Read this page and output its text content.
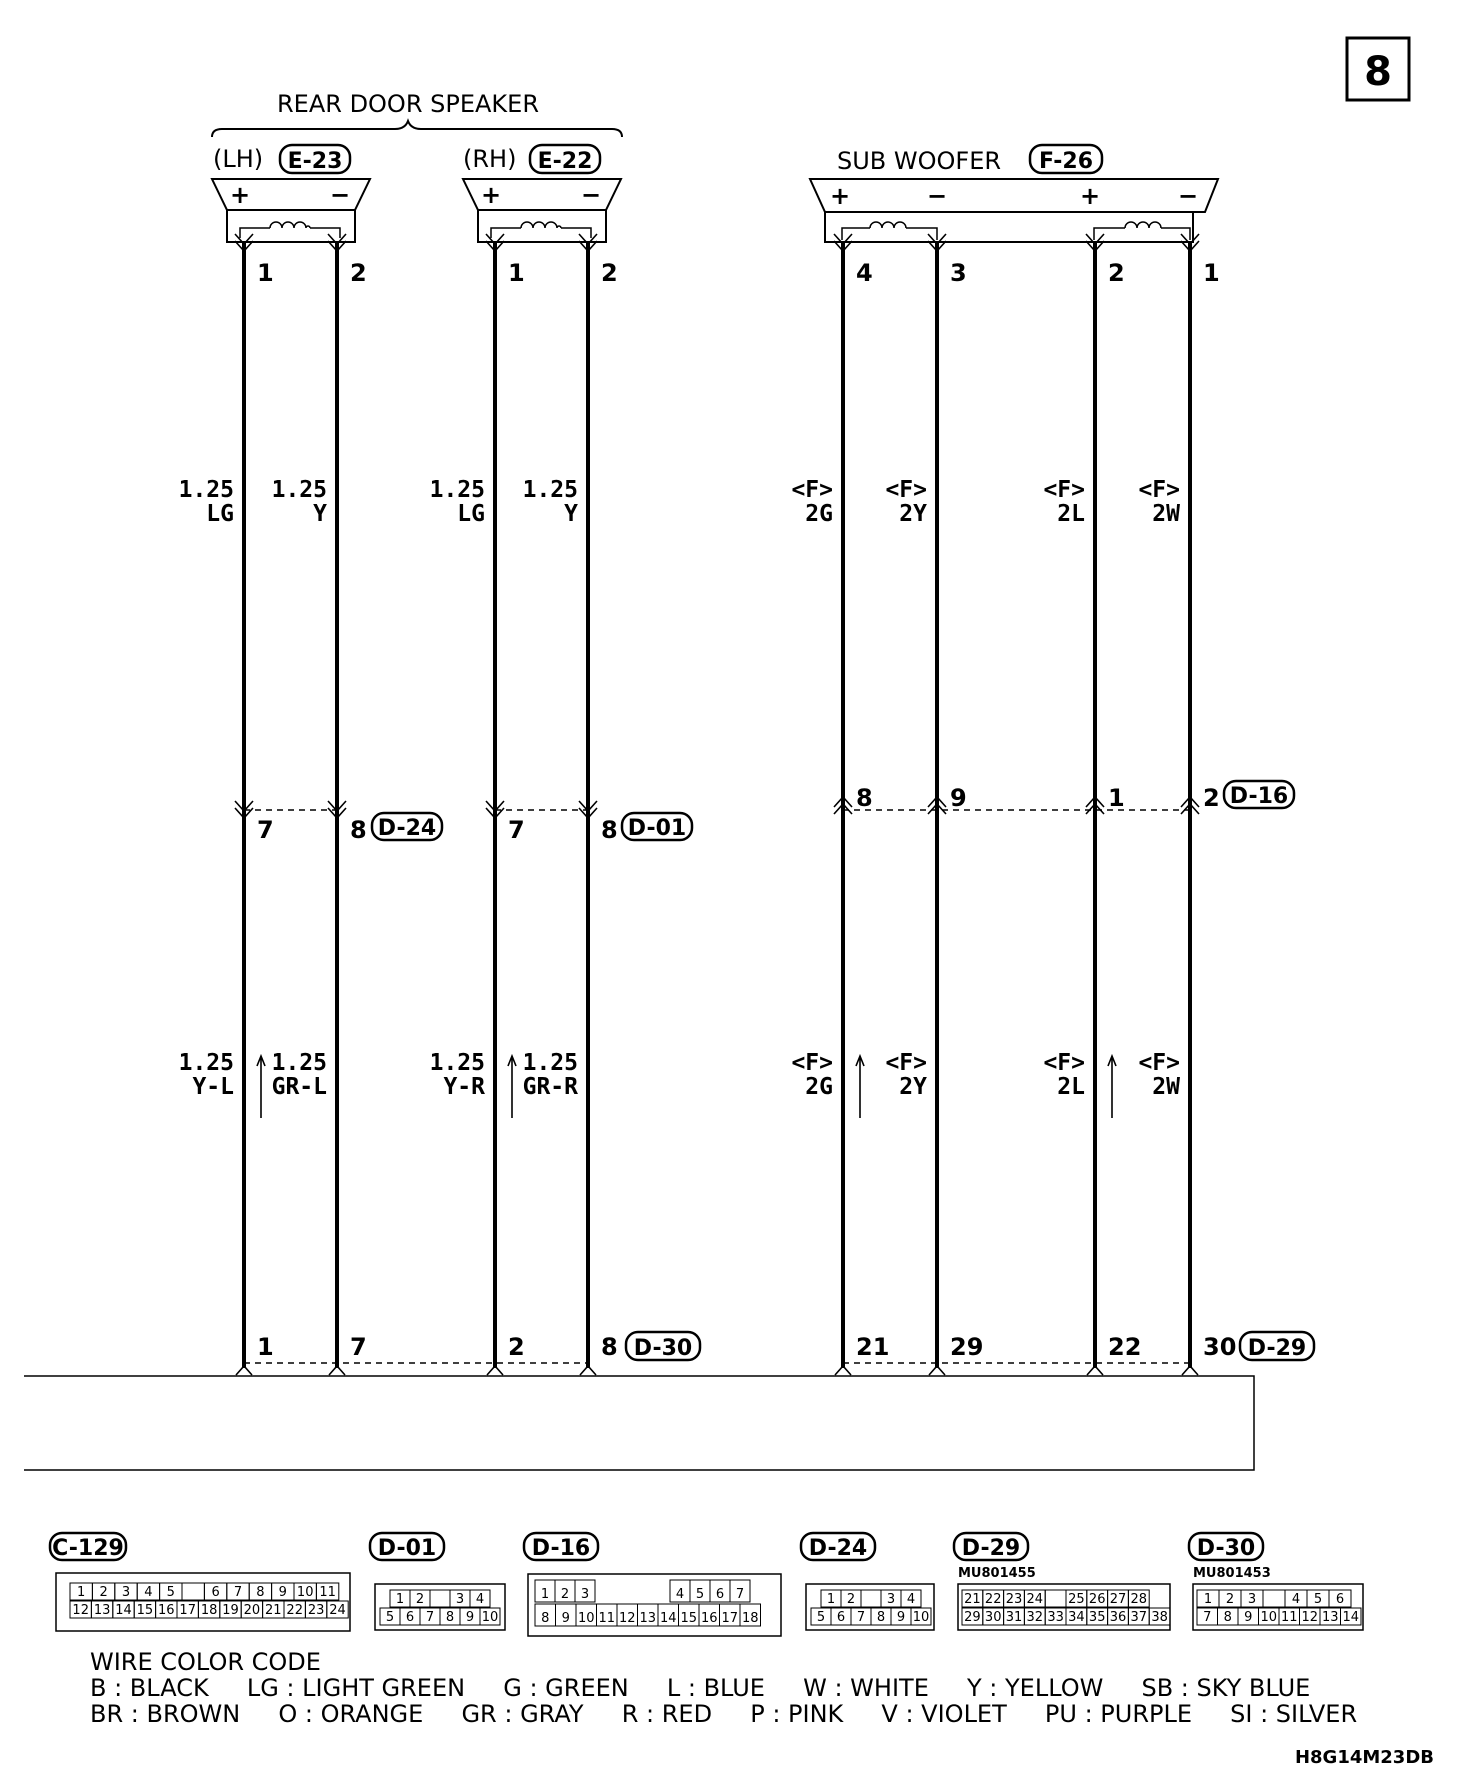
8
REAR DOOR SPEAKER
(LH)	(RH)	SUB WOOFER
E-23	E-22	F-26
+	−	+	−	+	−	+	−
1
7
1
1.25
LG
1.25
Y-L
2
8
7
1.25
Y
1.25
GR-L
1
7
2
1.25
LG
1.25
Y-R
2
8
8
1.25
Y
1.25
GR-R
4
8
21
<F>
2G
<F>
2G
3
9
29
<F>
2Y
<F>
2Y
2
1
22
<F>
2L
<F>
2L
1
2
30
<F>
2W
<F>
2W
D-24	D-01
D-16
D-30	D-29
C-129	D-01	D-16	D-24	D-29	D-30
MU801455	MU801453
1 2 3 4 5	6 7 8 9 10 11
12 13 14 15 16 17 18 19 20 21 22 23 24
1 2 3 4
5 6 7 8 9 10
1 2 3	4 5 6 7
8 9 10 11 12 13 14 15 16 17 18
1 2 3 4
5 6 7 8 9 10
21 22 23 24 25 26 27 28
29 30 31 32 33 34 35 36 37 38
1 2 3	4 5 6
7 8 9 10 11 12 13 14
WIRE COLOR CODE
B : BLACK     LG : LIGHT GREEN     G : GREEN     L : BLUE     W : WHITE     Y : YELLOW     SB : SKY BLUE
BR : BROWN     O : ORANGE     GR : GRAY     R : RED     P : PINK     V : VIOLET     PU : PURPLE     SI : SILVER
H8G14M23DB
